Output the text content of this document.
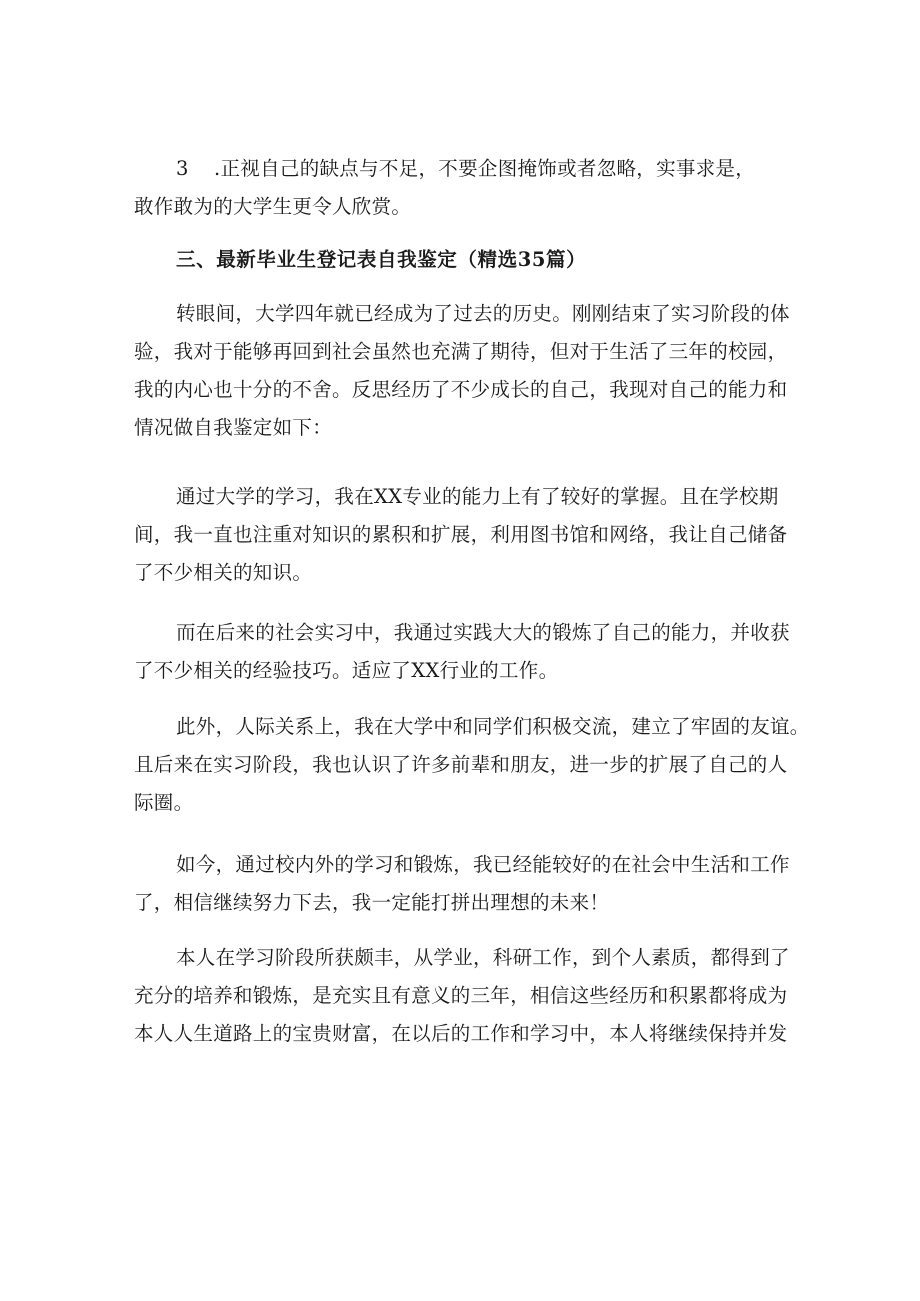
3 .正视自己的缺点与不足，不要企图掩饰或者忽略，实事求是，
敢作敢为的大学生更令人欣赏。
三、最新毕业生登记表自我鉴定（精选35篇）
转眼间，大学四年就已经成为了过去的历史。刚刚结束了实习阶段的体
验，我对于能够再回到社会虽然也充满了期待，但对于生活了三年的校园，
我的内心也十分的不舍。反思经历了不少成长的自己，我现对自己的能力和
情况做自我鉴定如下：
通过大学的学习，我在XX专业的能力上有了较好的掌握。且在学校期
间，我一直也注重对知识的累积和扩展，利用图书馆和网络，我让自己储备
了不少相关的知识。
而在后来的社会实习中，我通过实践大大的锻炼了自己的能力，并收获
了不少相关的经验技巧。适应了XX行业的工作。
此外，人际关系上，我在大学中和同学们积极交流，建立了牢固的友谊。
且后来在实习阶段，我也认识了许多前辈和朋友，进一步的扩展了自己的人
际圈。
如今，通过校内外的学习和锻炼，我已经能较好的在社会中生活和工作
了，相信继续努力下去，我一定能打拼出理想的未来！
本人在学习阶段所获颇丰，从学业，科研工作，到个人素质，都得到了
充分的培养和锻炼，是充实且有意义的三年，相信这些经历和积累都将成为
本人人生道路上的宝贵财富，在以后的工作和学习中，本人将继续保持并发
